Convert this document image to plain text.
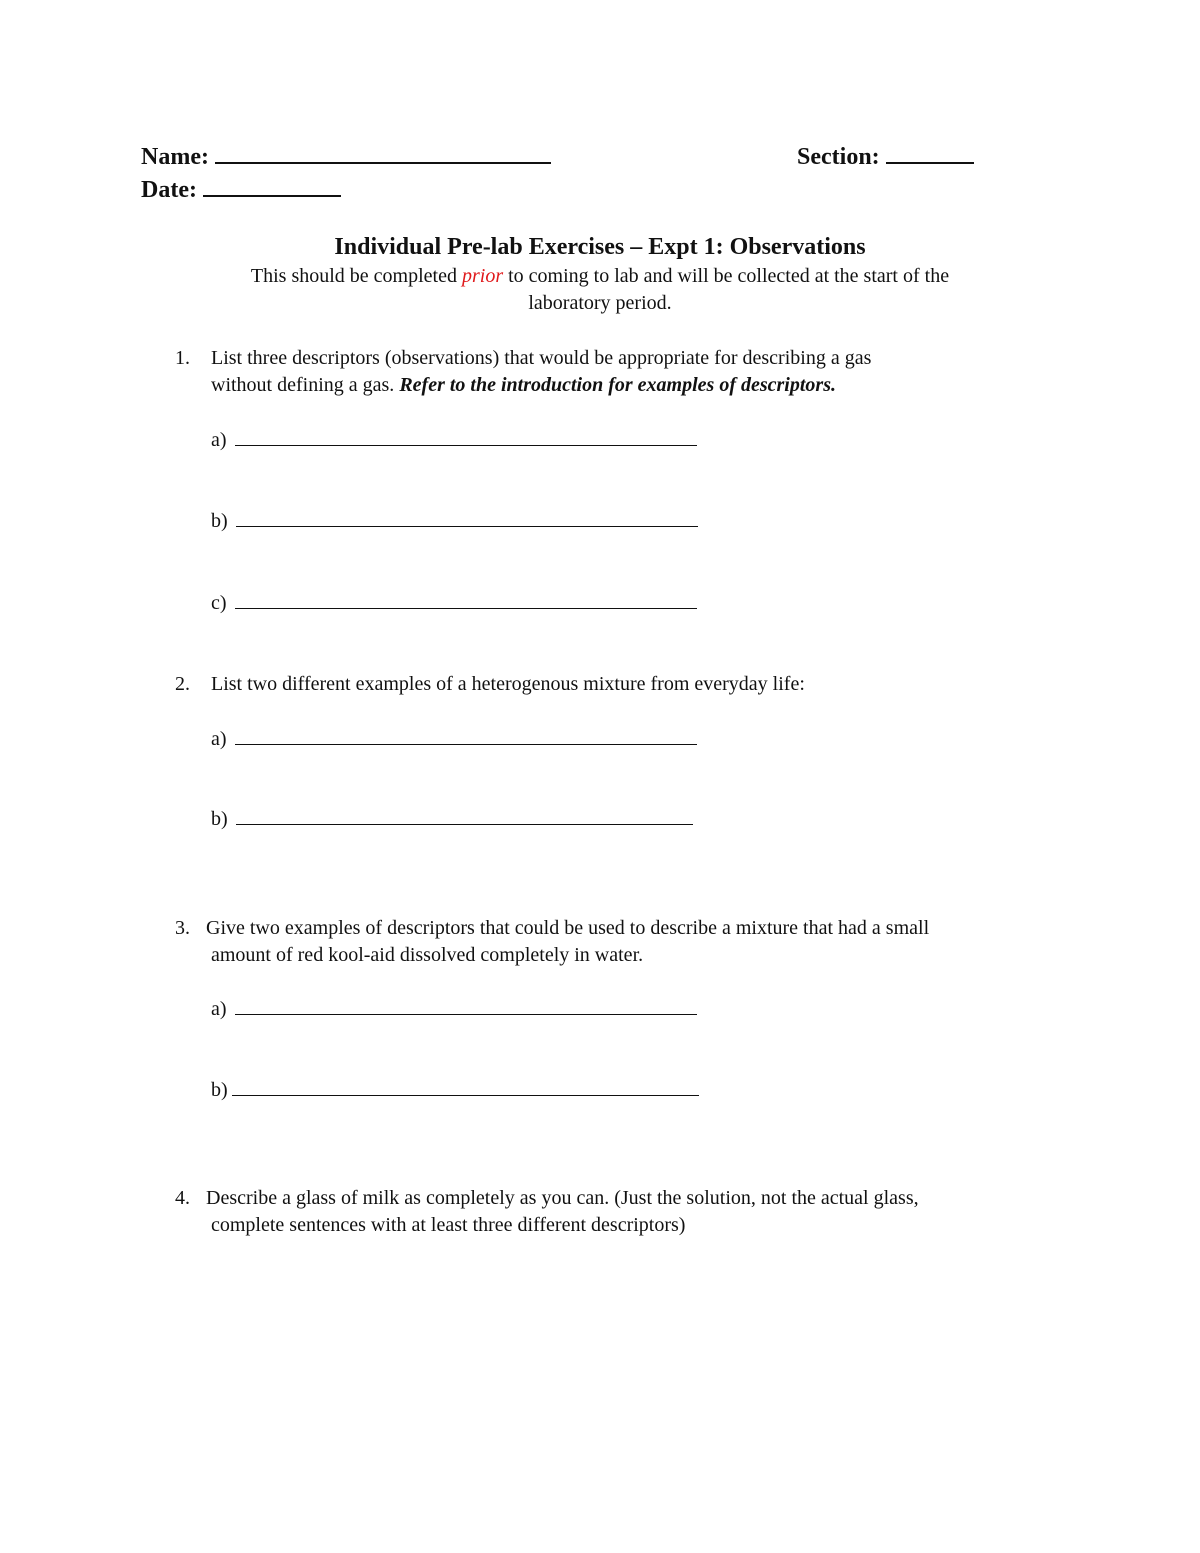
Name:	Section:
Date:
Individual Pre-lab Exercises – Expt 1: Observations
This should be completed prior to coming to lab and will be collected at the start of the
laboratory period.
1. List three descriptors (observations) that would be appropriate for describing a gas
without defining a gas. Refer to the introduction for examples of descriptors.
a)
b)
c)
2. List two different examples of a heterogenous mixture from everyday life:
a)
b)
3. Give two examples of descriptors that could be used to describe a mixture that had a small
amount of red kool-aid dissolved completely in water.
a)
b)
4. Describe a glass of milk as completely as you can. (Just the solution, not the actual glass,
complete sentences with at least three different descriptors)
